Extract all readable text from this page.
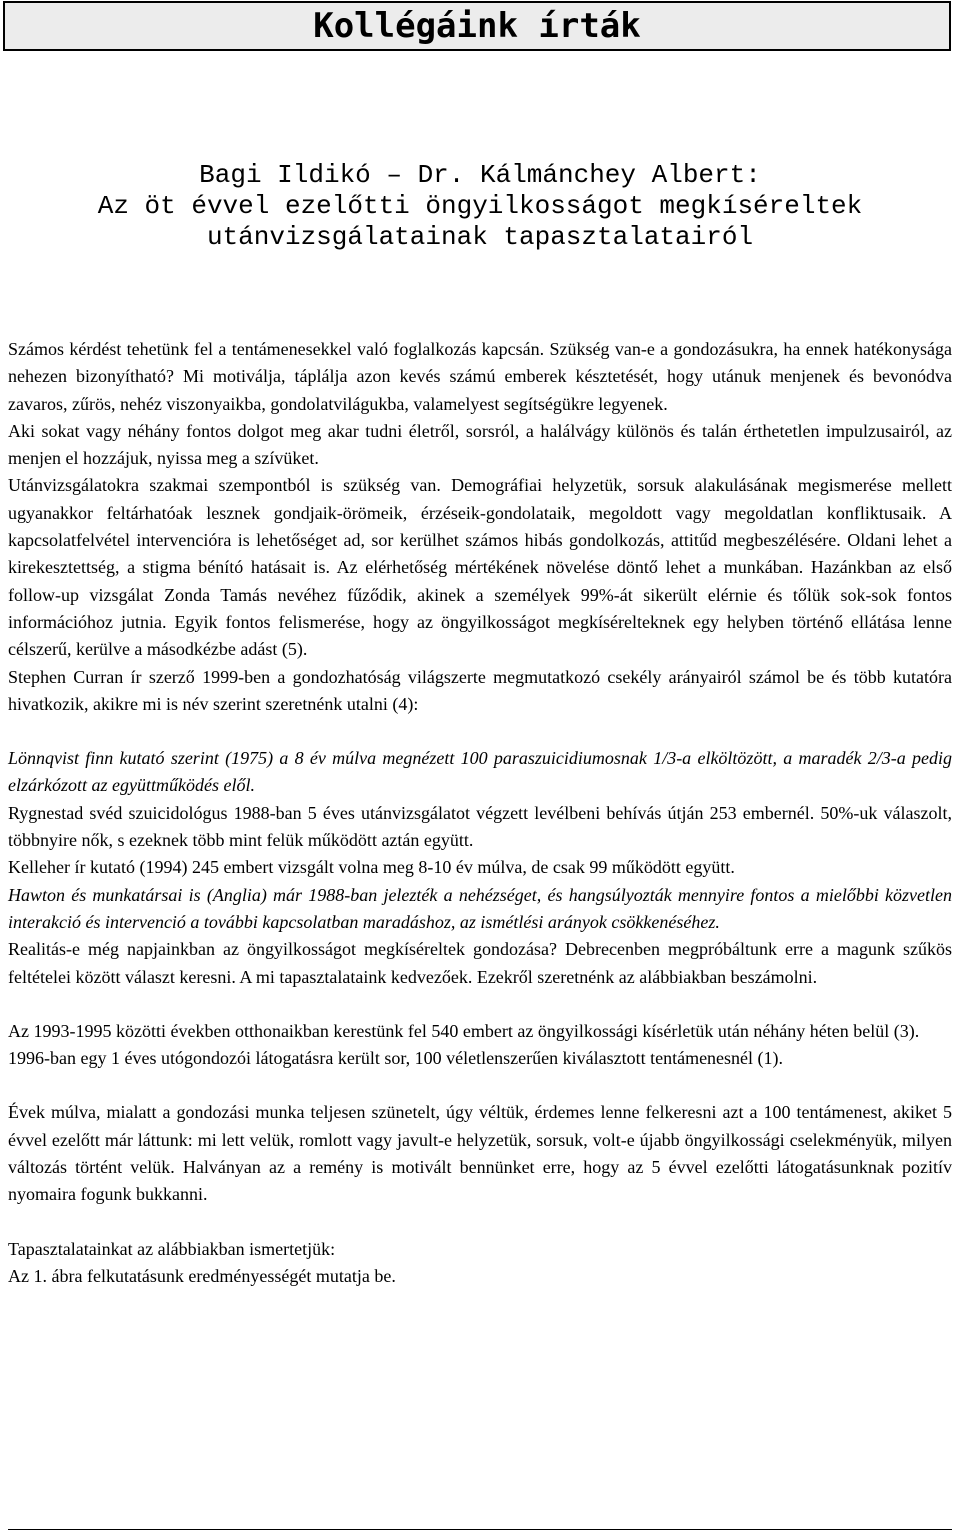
Kollégáink írták
Bagi Ildikó – Dr. Kálmánchey Albert:
Az öt évvel ezelőtti öngyilkosságot megkíséreltek
utánvizsgálatainak tapasztalatairól

Számos kérdést tehetünk fel a tentámenesekkel való foglalkozás kapcsán. Szükség van-e a gondozásukra, ha ennek hatékonysága nehezen bizonyítható? Mi motiválja, táplálja azon kevés számú emberek késztetését, hogy utánuk menjenek és bevonódva zavaros, zűrös, nehéz viszonyaikba, gondolatvilágukba, valamelyest segítségükre legyenek.

Aki sokat vagy néhány fontos dolgot meg akar tudni életről, sorsról, a halálvágy különös és talán érthetetlen impulzusairól, az menjen el hozzájuk, nyissa meg a szívüket.

Utánvizsgálatokra szakmai szempontból is szükség van. Demográfiai helyzetük, sorsuk alakulásának megismerése mellett ugyanakkor feltárhatóak lesznek gondjaik-örömeik, érzéseik-gondolataik, megoldott vagy megoldatlan konfliktusaik. A kapcsolatfelvétel intervencióra is lehetőséget ad, sor kerülhet számos hibás gondolkozás, attitűd megbeszélésére. Oldani lehet a kirekesztettség, a stigma bénító hatásait is. Az elérhetőség mértékének növelése döntő lehet a munkában. Hazánkban az első follow-up vizsgálat Zonda Tamás nevéhez fűződik, akinek a személyek 99%-át sikerült elérnie és tőlük sok-sok fontos információhoz jutnia. Egyik fontos felismerése, hogy az öngyilkosságot megkísérelteknek egy helyben történő ellátása lenne célszerű, kerülve a másodkézbe adást (5).

Stephen Curran ír szerző 1999-ben a gondozhatóság világszerte megmutatkozó csekély arányairól számol be és több kutatóra hivatkozik, akikre mi is név szerint szeretnénk utalni (4):

Lönnqvist finn kutató szerint (1975) a 8 év múlva megnézett 100 paraszuicidiumosnak 1/3-a elköltözött, a maradék 2/3-a pedig elzárkózott az együttműködés elől.

Rygnestad svéd szuicidológus 1988-ban 5 éves utánvizsgálatot végzett levélbeni behívás útján 253 embernél. 50%-uk válaszolt, többnyire nők, s ezeknek több mint felük működött aztán együtt.

Kelleher ír kutató (1994) 245 embert vizsgált volna meg 8-10 év múlva, de csak 99 működött együtt.

Hawton és munkatársai is (Anglia) már 1988-ban jelezték a nehézséget, és hangsúlyozták mennyire fontos a mielőbbi közvetlen interakció és intervenció a további kapcsolatban maradáshoz, az ismétlési arányok csökkenéséhez.

Realitás-e még napjainkban az öngyilkosságot megkíséreltek gondozása? Debrecenben megpróbáltunk erre a magunk szűkös feltételei között választ keresni. A mi tapasztalataink kedvezőek. Ezekről szeretnénk az alábbiakban beszámolni.

Az 1993-1995 közötti években otthonaikban kerestünk fel 540 embert az öngyilkossági kísérletük után néhány héten belül (3).

1996-ban egy 1 éves utógondozói látogatásra került sor, 100 véletlenszerűen kiválasztott tentámenesnél (1).

Évek múlva, mialatt a gondozási munka teljesen szünetelt, úgy véltük, érdemes lenne felkeresni azt a 100 tentámenest, akiket 5 évvel ezelőtt már láttunk: mi lett velük, romlott vagy javult-e helyzetük, sorsuk, volt-e újabb öngyilkossági cselekményük, milyen változás történt velük. Halványan az a remény is motivált bennünket erre, hogy az 5 évvel ezelőtti látogatásunknak pozitív nyomaira fogunk bukkanni.

Tapasztalatainkat az alábbiakban ismertetjük:

Az 1. ábra felkutatásunk eredményességét mutatja be.
